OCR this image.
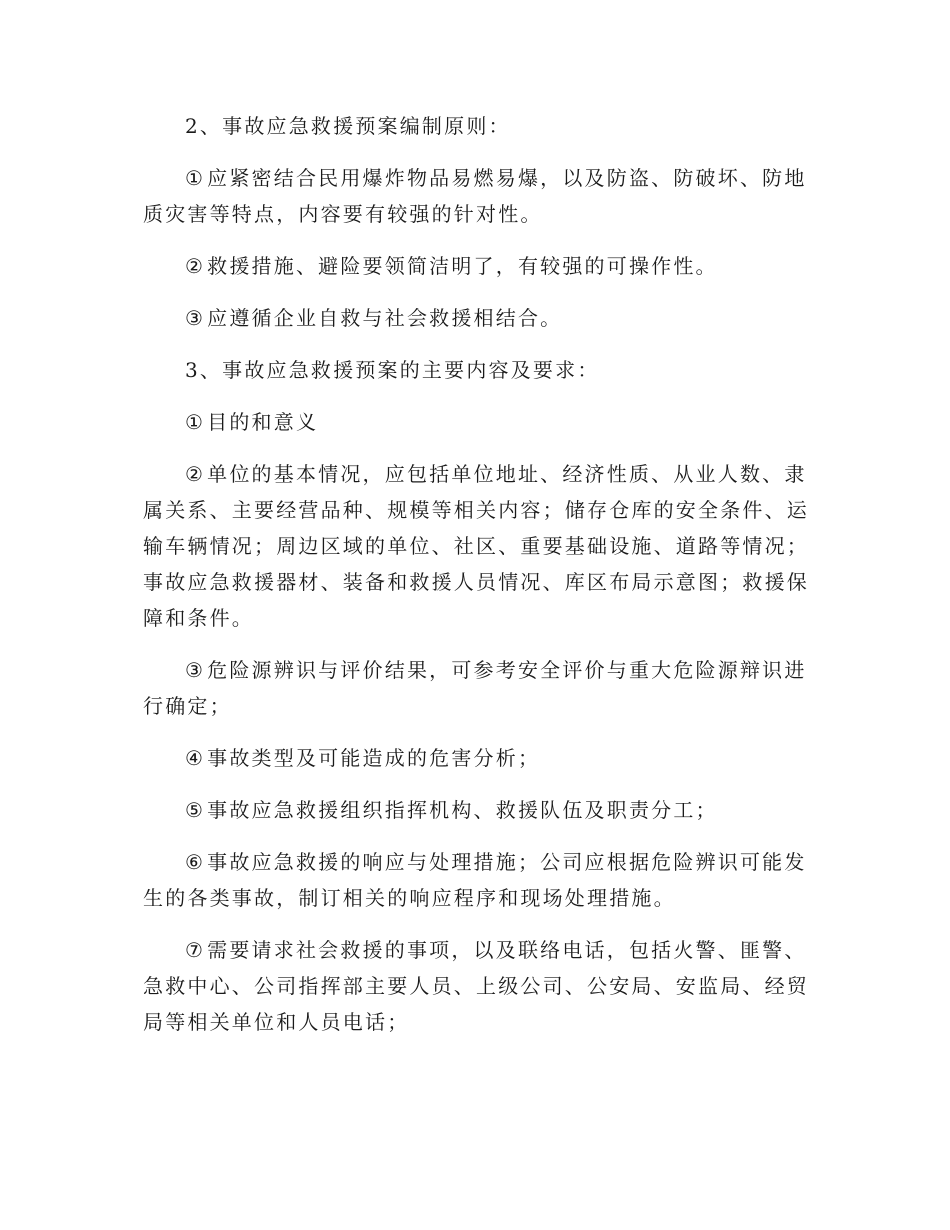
2、事故应急救援预案编制原则：

① 应紧密结合民用爆炸物品易燃易爆，以及防盗、防破坏、防地质灾害等特点，内容要有较强的针对性。

② 救援措施、避险要领简洁明了，有较强的可操作性。

③ 应遵循企业自救与社会救援相结合。

3、事故应急救援预案的主要内容及要求：

① 目的和意义

② 单位的基本情况，应包括单位地址、经济性质、从业人数、隶属关系、主要经营品种、规模等相关内容；储存仓库的安全条件、运输车辆情况；周边区域的单位、社区、重要基础设施、道路等情况；事故应急救援器材、装备和救援人员情况、库区布局示意图；救援保障和条件。

③ 危险源辨识与评价结果，可参考安全评价与重大危险源辩识进行确定；

④ 事故类型及可能造成的危害分析；

⑤ 事故应急救援组织指挥机构、救援队伍及职责分工；

⑥ 事故应急救援的响应与处理措施；公司应根据危险辨识可能发生的各类事故，制订相关的响应程序和现场处理措施。

⑦ 需要请求社会救援的事项，以及联络电话，包括火警、匪警、急救中心、公司指挥部主要人员、上级公司、公安局、安监局、经贸局等相关单位和人员电话；
